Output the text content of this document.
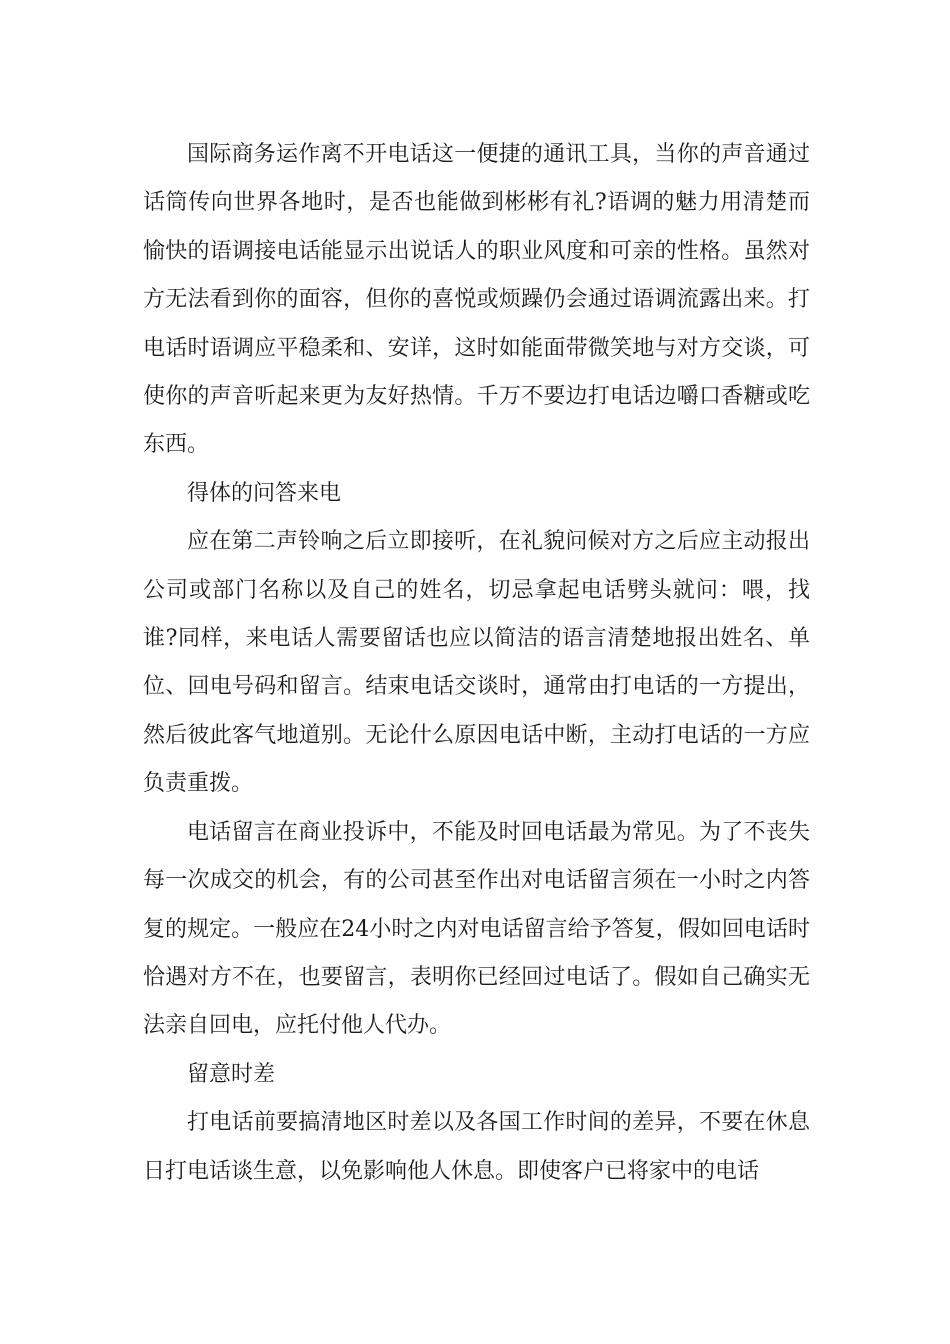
国际商务运作离不开电话这一便捷的通讯工具，当你的声音通过话筒传向世界各地时，是否也能做到彬彬有礼?语调的魅力用清楚而愉快的语调接电话能显示出说话人的职业风度和可亲的性格。虽然对方无法看到你的面容，但你的喜悦或烦躁仍会通过语调流露出来。打电话时语调应平稳柔和、安详，这时如能面带微笑地与对方交谈，可使你的声音听起来更为友好热情。千万不要边打电话边嚼口香糖或吃东西。

得体的问答来电

应在第二声铃响之后立即接听，在礼貌问候对方之后应主动报出公司或部门名称以及自己的姓名，切忌拿起电话劈头就问：喂，找谁?同样，来电话人需要留话也应以简洁的语言清楚地报出姓名、单位、回电号码和留言。结束电话交谈时，通常由打电话的一方提出，然后彼此客气地道别。无论什么原因电话中断，主动打电话的一方应负责重拨。

电话留言在商业投诉中，不能及时回电话最为常见。为了不丧失每一次成交的机会，有的公司甚至作出对电话留言须在一小时之内答复的规定。一般应在24小时之内对电话留言给予答复，假如回电话时恰遇对方不在，也要留言，表明你已经回过电话了。假如自己确实无法亲自回电，应托付他人代办。

留意时差

打电话前要搞清地区时差以及各国工作时间的差异，不要在休息日打电话谈生意，以免影响他人休息。即使客户已将家中的电话
